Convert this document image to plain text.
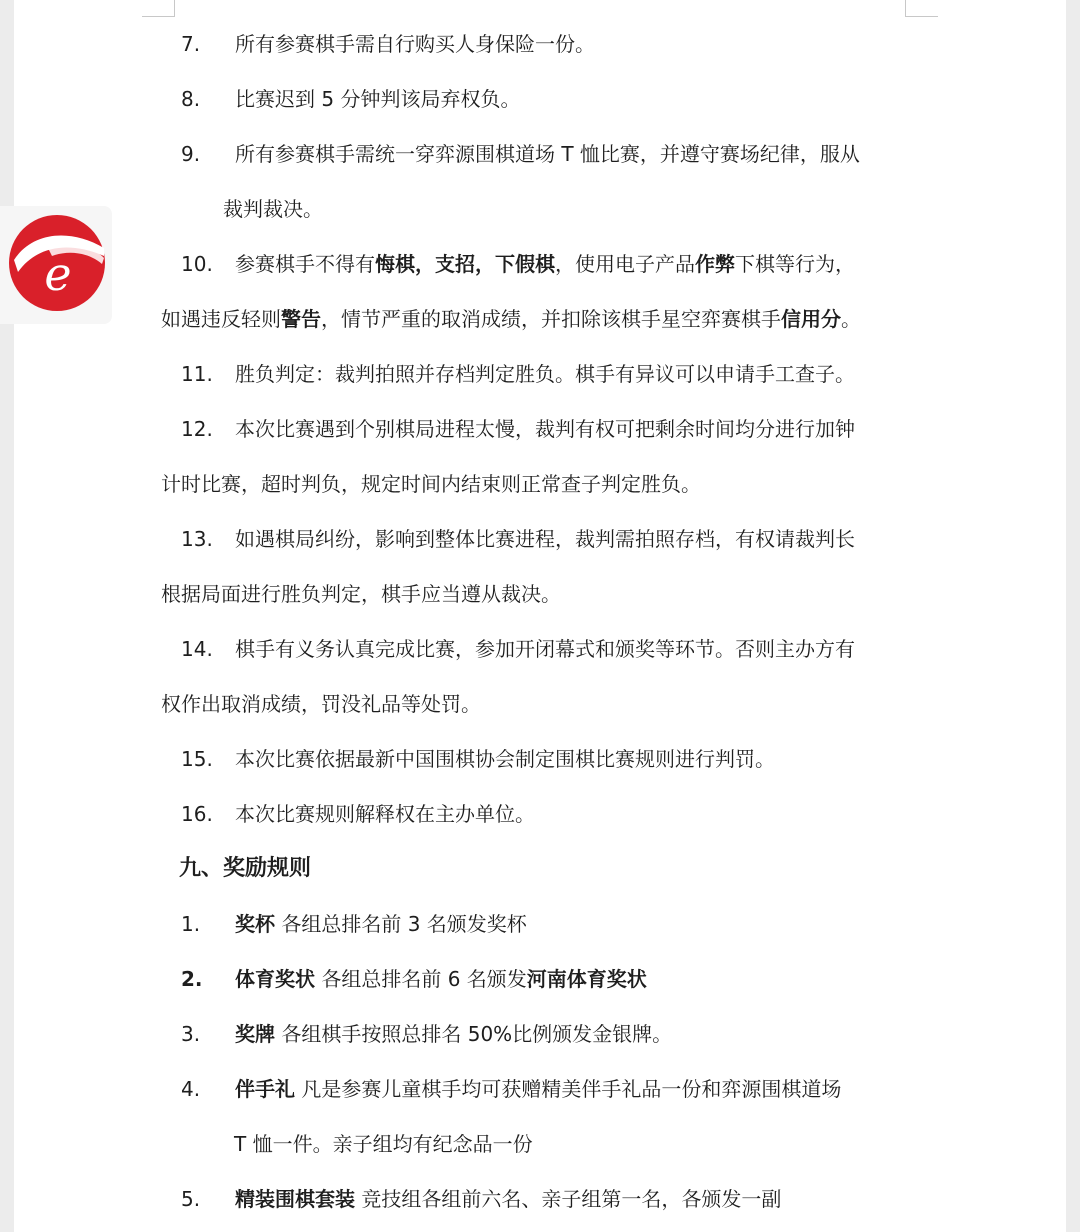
e
7. 所有参赛棋手需自行购买人身保险一份。
8. 比赛迟到 5 分钟判该局弃权负。
9. 所有参赛棋手需统一穿弈源围棋道场 T 恤比赛，并遵守赛场纪律，服从
裁判裁决。
10. 参赛棋手不得有悔棋，支招，下假棋，使用电子产品作弊下棋等行为，
如遇违反轻则警告，情节严重的取消成绩，并扣除该棋手星空弈赛棋手信用分。
11. 胜负判定：裁判拍照并存档判定胜负。棋手有异议可以申请手工查子。
12. 本次比赛遇到个别棋局进程太慢，裁判有权可把剩余时间均分进行加钟
计时比赛，超时判负，规定时间内结束则正常查子判定胜负。
13. 如遇棋局纠纷，影响到整体比赛进程，裁判需拍照存档，有权请裁判长
根据局面进行胜负判定，棋手应当遵从裁决。
14. 棋手有义务认真完成比赛，参加开闭幕式和颁奖等环节。否则主办方有
权作出取消成绩，罚没礼品等处罚。
15. 本次比赛依据最新中国围棋协会制定围棋比赛规则进行判罚。
16. 本次比赛规则解释权在主办单位。
九、奖励规则
1. 奖杯 各组总排名前 3 名颁发奖杯
2. 体育奖状 各组总排名前 6 名颁发河南体育奖状
3. 奖牌 各组棋手按照总排名 50%比例颁发金银牌。
4. 伴手礼 凡是参赛儿童棋手均可获赠精美伴手礼品一份和弈源围棋道场
T 恤一件。亲子组均有纪念品一份
5. 精装围棋套装 竞技组各组前六名、亲子组第一名，各颁发一副
